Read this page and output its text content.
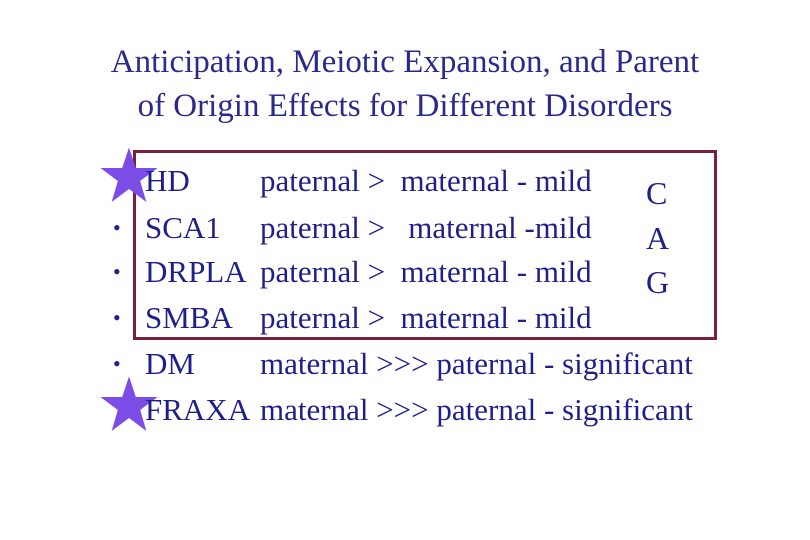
Anticipation, Meiotic Expansion, and Parent
of Origin Effects for Different Disorders
HD paternal >  maternal - mild
• SCA1 paternal >   maternal -mild
• DRPLA paternal >  maternal - mild
• SMBA paternal >  maternal - mild
• DM maternal >>> paternal - significant
FRAXA maternal >>> paternal - significant
C
A
G
